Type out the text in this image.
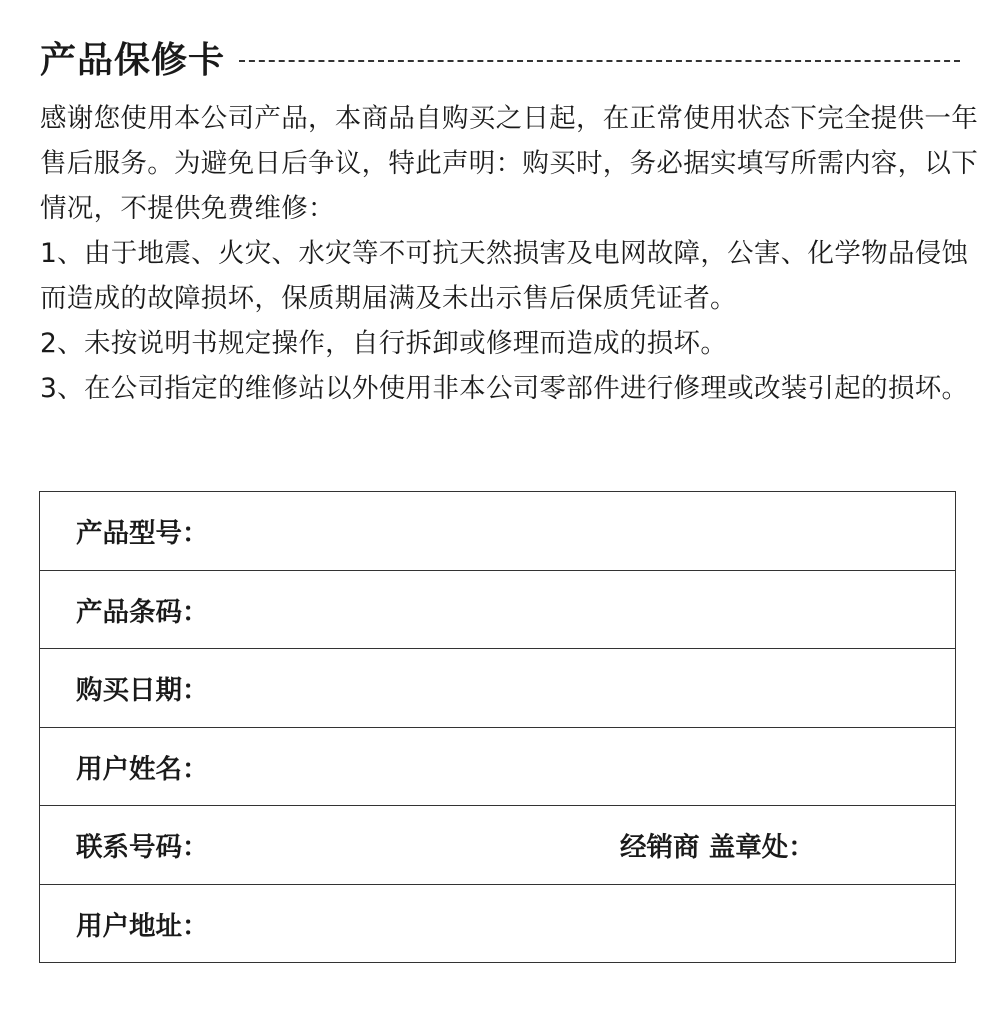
产品保修卡

感谢您使用本公司产品，本商品自购买之日起，在正常使用状态下完全提供一年售后服务。为避免日后争议，特此声明：购买时，务必据实填写所需内容，以下情况，不提供免费维修：

1、由于地震、火灾、水灾等不可抗天然损害及电网故障，公害、化学物品侵蚀而造成的故障损坏，保质期届满及未出示售后保质凭证者。

2、未按说明书规定操作，自行拆卸或修理而造成的损坏。

3、在公司指定的维修站以外使用非本公司零部件进行修理或改装引起的损坏。

产品型号：
产品条码：
购买日期：
用户姓名：
联系号码：	经销商 盖章处：
用户地址：
